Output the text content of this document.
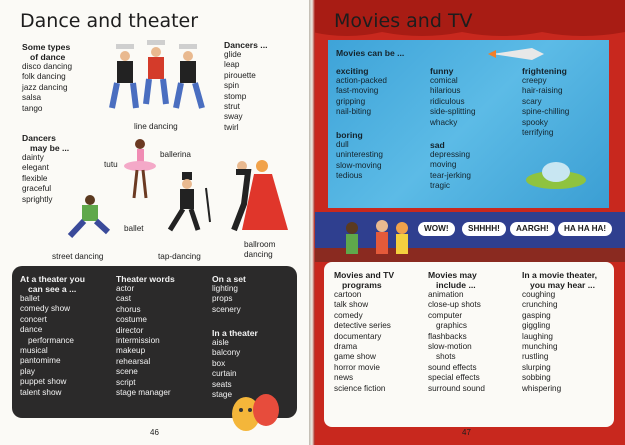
Dance and theater
Some types
of dance
disco dancing
folk dancing
jazz dancing
salsa
tango
Dancers
may be ...
dainty
elegant
flexible
graceful
sprightly
Dancers ...
glide
leap
pirouette
spin
stomp
strut
sway
twirl
line dancing
tutu
ballerina
ballet
street dancing	tap-dancing
ballroom
dancing
At a theater you
can see a ...
ballet
comedy show
concert
dance
performance
musical
pantomime
play
puppet show
talent show
Theater words
actor
cast
chorus
costume
director
intermission
makeup
rehearsal
scene
script
stage manager
On a set
lighting
props
scenery
In a theater
aisle
balcony
box
curtain
seats
stage
46
Movies and TV
Movies can be ...
exciting
action-packed
fast-moving
gripping
nail-biting
boring
dull
uninteresting
slow-moving
tedious
funny
comical
hilarious
ridiculous
side-splitting
whacky
sad
depressing
moving
tear-jerking
tragic
frightening
creepy
hair-raising
scary
spine-chilling
spooky
terrifying
WOW!	SHHHH!	AARGH!	HA HA HA!
Movies and TV
programs
cartoon
talk show
comedy
detective series
documentary
drama
game show
horror movie
news
science fiction
Movies may
include ...
animation
close-up shots
computer
graphics
flashbacks
slow-motion
shots
sound effects
special effects
surround sound
In a movie theater,
you may hear ...
coughing
crunching
gasping
giggling
laughing
munching
rustling
slurping
sobbing
whispering
47
